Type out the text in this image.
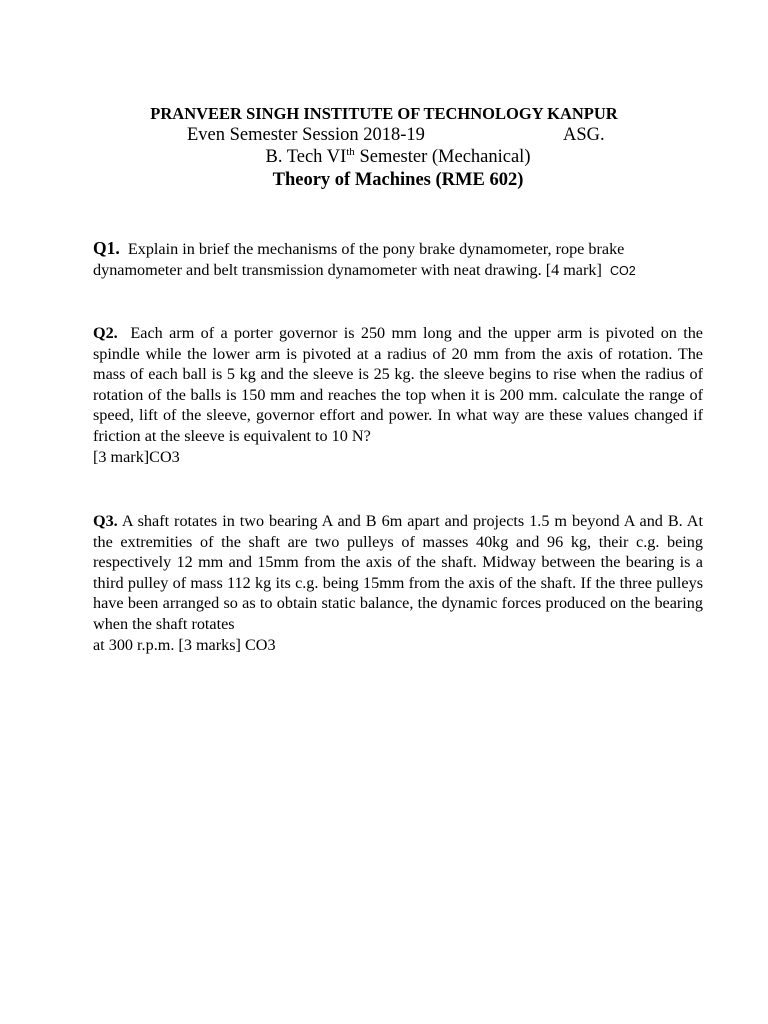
PRANVEER SINGH INSTITUTE OF TECHNOLOGY KANPUR
Even Semester Session 2018-19	ASG.
B. Tech VIth Semester (Mechanical)
Theory of Machines (RME 602)
Q1. Explain in brief the mechanisms of the pony brake dynamometer, rope brake dynamometer and belt transmission dynamometer with neat drawing. [4 mark] CO2
Q2. Each arm of a porter governor is 250 mm long and the upper arm is pivoted on the spindle while the lower arm is pivoted at a radius of 20 mm from the axis of rotation. The mass of each ball is 5 kg and the sleeve is 25 kg. the sleeve begins to rise when the radius of rotation of the balls is 150 mm and reaches the top when it is 200 mm. calculate the range of speed, lift of the sleeve, governor effort and power. In what way are these values changed if friction at the sleeve is equivalent to 10 N?
[3 mark]CO3
Q3. A shaft rotates in two bearing A and B 6m apart and projects 1.5 m beyond A and B. At the extremities of the shaft are two pulleys of masses 40kg and 96 kg, their c.g. being respectively 12 mm and 15mm from the axis of the shaft. Midway between the bearing is a third pulley of mass 112 kg its c.g. being 15mm from the axis of the shaft. If the three pulleys have been arranged so as to obtain static balance, the dynamic forces produced on the bearing when the shaft rotates
at 300 r.p.m. [3 marks] CO3
